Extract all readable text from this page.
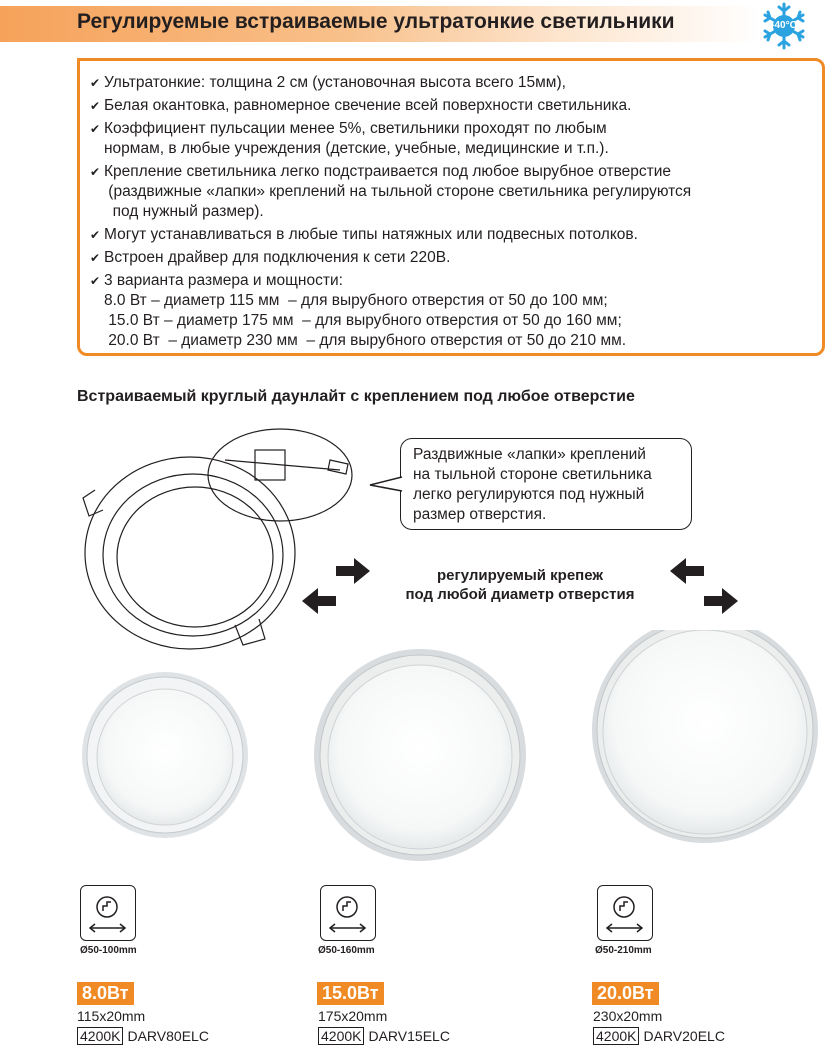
Регулируемые встраиваемые ультратонкие светильники	-40°C
✔ Ультратонкие: толщина 2 см (установочная высота всего 15мм),
✔ Белая окантовка, равномерное свечение всей поверхности светильника.
✔ Коэффициент пульсации менее 5%, светильники проходят по любым
нормам, в любые учреждения (детские, учебные, медицинские и т.п.).
✔ Крепление светильника легко подстраивается под любое вырубное отверстие
(раздвижные «лапки» креплений на тыльной стороне светильника регулируются
под нужный размер).
✔ Могут устанавливаться в любые типы натяжных или подвесных потолков.
✔ Встроен драйвер для подключения к сети 220В.
✔ 3 варианта размера и мощности:
8.0 Вт – диаметр 115 мм  – для вырубного отверстия от 50 до 100 мм;
15.0 Вт – диаметр 175 мм  – для вырубного отверстия от 50 до 160 мм;
20.0 Вт  – диаметр 230 мм  – для вырубного отверстия от 50 до 210 мм.
Встраиваемый круглый даунлайт с креплением под любое отверстие
Раздвижные «лапки» креплений
на тыльной стороне светильника
легко регулируются под нужный
размер отверстия.
регулируемый крепеж
под любой диаметр отверстия
Ø50-100mm
8.0Вт
115x20mm
4200K DARV80ELC
Ø50-160mm
15.0Вт
175x20mm
4200K DARV15ELC
Ø50-210mm
20.0Вт
230x20mm
4200K DARV20ELC
